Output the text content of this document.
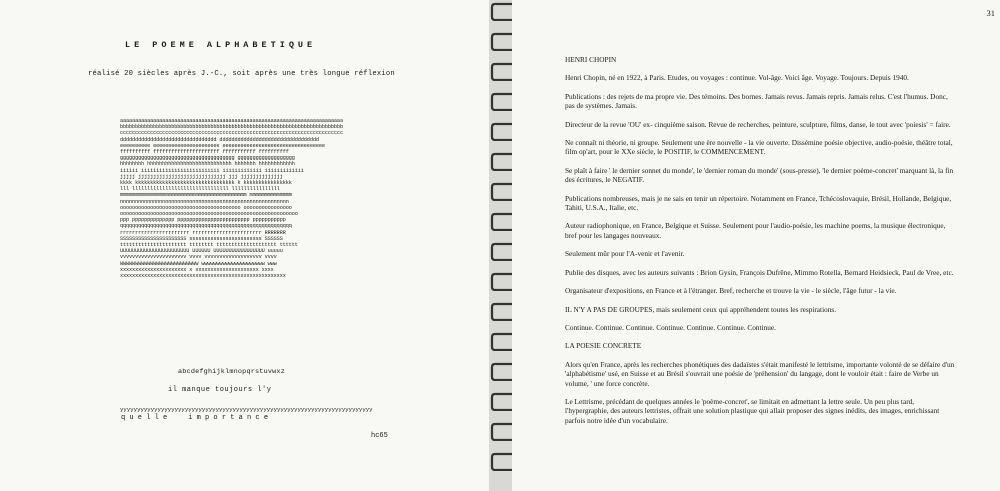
LE POEME ALPHABETIQUE
réalisé 20 siècles après J.-C., soit après une très longue réflexion
aaaaaaaaaaaaaaaaaaaaaaaaaaaaaaaaaaaaaaaaaaaaaaaaaaaaaaaaaaaaaaaaaaaaaaaaaa
bbbbbbbbbbbbbbbbbbbbbbbbbbbbbbbbbbbbbbbbbbbbbbbbbbbbbbbbbbbbbbbbbbbbbbbbbb
cccccccccccccccccccccccccccccccccccccccccccccccccccccccccccccccccccccccccc
dddddddddddddddddddddddddddddddd ddddddddddddddddddddddddddddddddd
eeeeeeeeee eeeeeeeeeeeeeeeeeeeeee eeeeeeeeeeeeeeeeeeeeeeeeeeeeeeeeee
ffffffffff ffffffffffffffffffffff fffffffffff ffffffffff
gggggggggggggggggggggggggggggggggggggg ggggggggggggggggggg
hhhhhhhh hhhhhhhhhhhhhhhhhhhhhhhhhhhh hhhhhhh hhhhhhhhhhhh
iiiiii iiiiiiiiiiiiiiiiiiiiiiiiii iiiiiiiiiiiii iiiiiiiiiiiii
jjjjj jjjjjjjjjjjjjjjjjjjjjjjjjjjjj jjj jjjjjjjjjjjjjj
kkkk kkkkkkkkkkkkkkkkkkkkkkkkkkkkkkkkk k kkkkkkkkkkkkkkkk
lll llllllllllllllllllllllllllllllll llllllllllllllll
mmmmmmmmmmmmmmmmmmmmmmmmmmmmmmmmmmmmmmmmmm mmmmmmmmmmmmmm
nnnnnnnnnnnnnnnnnnnnnnnnnnnnnnnnnnnnnnnnnnnnnnnnnnnnnnnn
oooooooooooooooooooooooooooooooooooooooo oooooooooooooooo
ooooooooooooooooooooooooooooooooooooooooooooooooooooooooooo
ppp pppppppppppppp pppppppppppppppppppppppp ppppppppppp
qqqqqqqqqqqqqqqqqqqqqqqqqqqqqqqqqqqqqqqqqqqqqqqqqqqqqqqqq
rrrrrrrrrrrrrrrrrrrrrrr rrrrrrrrrrrrrrrrrrrrrrr RRRRRRR
SSSSSSSSSSSSSSSSSSSSSS ssssssssssssssssssssssss SSSSSS
tttttttttttttttttttttt tttttttt tttttttttttttttttttt tttttt
UUUUUUUUUUUUUUUUUUUUUUU UUUUUU UUUUUUUUUUUUUUUUU uuuuu
vvvvvvvvvvvvvvvvvvvvvv vvvv vvvvvvvvvvvvvvvvvvv vvvv
WWWWWWWWWWWWWWWWWWWWWWWWWW wwwwwwwwwwwwwwwwwwwww www
xxxxxxxxxxxxxxxxxxxxxx x xxxxxxxxxxxxxxxxxxxxx xxxx
xxxxxxxxxxxxxxxxxxxxxxxxxxxxxxxxxxxxxxxxxxxxxxxxxxxxxxx
abcdefghijklmnopqrstuvwxz
il manque toujours l'y
yyyyyyyyyyyyyyyyyyyyyyyyyyyyyyyyyyyyyyyyyyyyyyyyyyyyyyyyyyyyyyyyyyyyyyyyyy
q u e l l e     i m p o r t a n c e
hc65
31

HENRI CHOPIN

Henri Chopin, né en 1922, à Paris. Etudes, ou voyages : continue. Vol-âge. Voici âge. Voyage. Toujours. Depuis 1940.

Publications : des rejets de ma propre vie. Des témoins. Des bornes. Jamais revus. Jamais repris. Jamais relus. C'est l'humus. Donc, pas de systèmes. Jamais.

Directeur de la revue 'OU' ex- cinquième saison. Revue de recherches, peinture, sculpture, films, danse, le tout avec 'poiesis' = faire.

Ne connaît ni théorie, ni groupe. Seulement une ère nouvelle - la vie ouverte. Dissémine poésie objective, audio-poésie, théâtre total, film op'art, pour le XXe siècle, le POSITIF, le COMMENCEMENT.

Se plaît à faire ' le dernier sonnet du monde', le 'dernier roman du monde' (sous-presse), 'le dernier poème-concret' marquant là, la fin des écritures, le NEGATIF.

Publications nombreuses, mais je ne sais en tenir un répertoire. Notamment en France, Tchécoslovaquie, Brésil, Hollande, Belgique, Tahiti, U.S.A., Italie, etc.

Auteur radiophonique, en France, Belgique et Suisse. Seulement pour l'audio-poésie, les machine poems, la musique électronique, bref pour les langages nouveaux.

Seulement mûr pour l'A-venir et l'avenir.

Publie des disques, avec les auteurs suivants : Brion Gysin, François Dufrêne, Mimmo Rotella, Bernard Heidsieck, Paul de Vree, etc.

Organisateur d'expositions, en France et à l'étranger. Bref, recherche et trouve la vie - le siècle, l'âge futur - la vie.

IL N'Y A PAS DE GROUPES, mais seulement ceux qui appréhendent toutes les respirations.

Continue. Continue. Continue. Continue. Continue. Continue. Continue.

LA POESIE CONCRETE

Alors qu'en France, après les recherches phonétiques des dadaïstes s'était manifesté le lettrisme, importante volonté de se défaire d'un 'alphabétisme' usé, en Suisse et au Brésil s'ouvrait une poésie de 'préhension' du langage, dont le vouloir était : faire de Verbe un volume, ' une force concrète.

Le Lettrisme, précédant de quelques années le 'poème-concret', se limitait en admettant la lettre seule. Un peu plus tard, l'hypergraphie, des auteurs lettristes, offrait une solution plastique qui allait proposer des signes inédits, des images, enrichissant parfois notre idée d'un vocabulaire.
